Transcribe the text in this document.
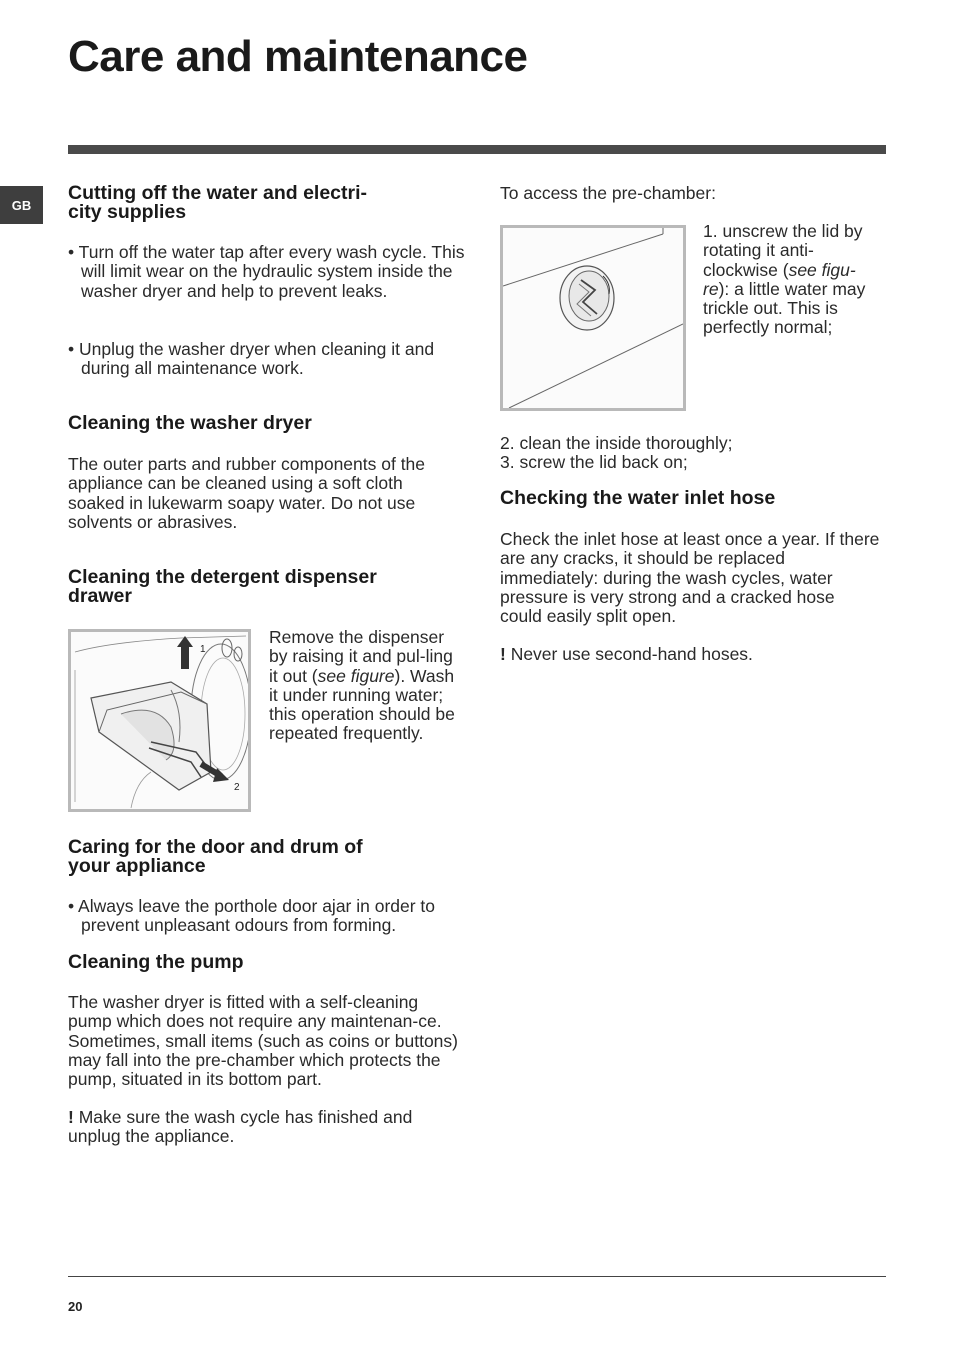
Care and maintenance
GB
Cutting off the water and electri-
city supplies

• Turn off the water tap after every wash cycle. This will limit wear on the hydraulic system inside the washer dryer and help to prevent leaks.

• Unplug the washer dryer when cleaning it and during all maintenance work.

Cleaning the washer dryer

The outer parts and rubber components of the appliance can be cleaned using a soft cloth soaked in lukewarm soapy water. Do not use solvents or abrasives.

Cleaning the detergent dispenser
drawer
1
2

Remove the dispenser by raising it and pul-ling it out (see figure). Wash it under running water; this operation should be repeated frequently.

Caring for the door and drum of
your appliance

• Always leave the porthole door ajar in order to prevent unpleasant odours from forming.

Cleaning the pump

The washer dryer is fitted with a self-cleaning pump which does not require any maintenan-ce. Sometimes, small items (such as coins or buttons) may fall into the pre-chamber which protects the pump, situated in its bottom part.

! Make sure the wash cycle has finished and unplug the appliance.

To access the pre-chamber:

1. unscrew the lid by rotating it anti-clockwise (see figu-re): a little water may trickle out. This is perfectly normal;

2. clean the inside thoroughly;

3. screw the lid back on;

Checking the water inlet hose

Check the inlet hose at least once a year. If there are any cracks, it should be replaced immediately: during the wash cycles, water pressure is very strong and a cracked hose could easily split open.

! Never use second-hand hoses.

20
